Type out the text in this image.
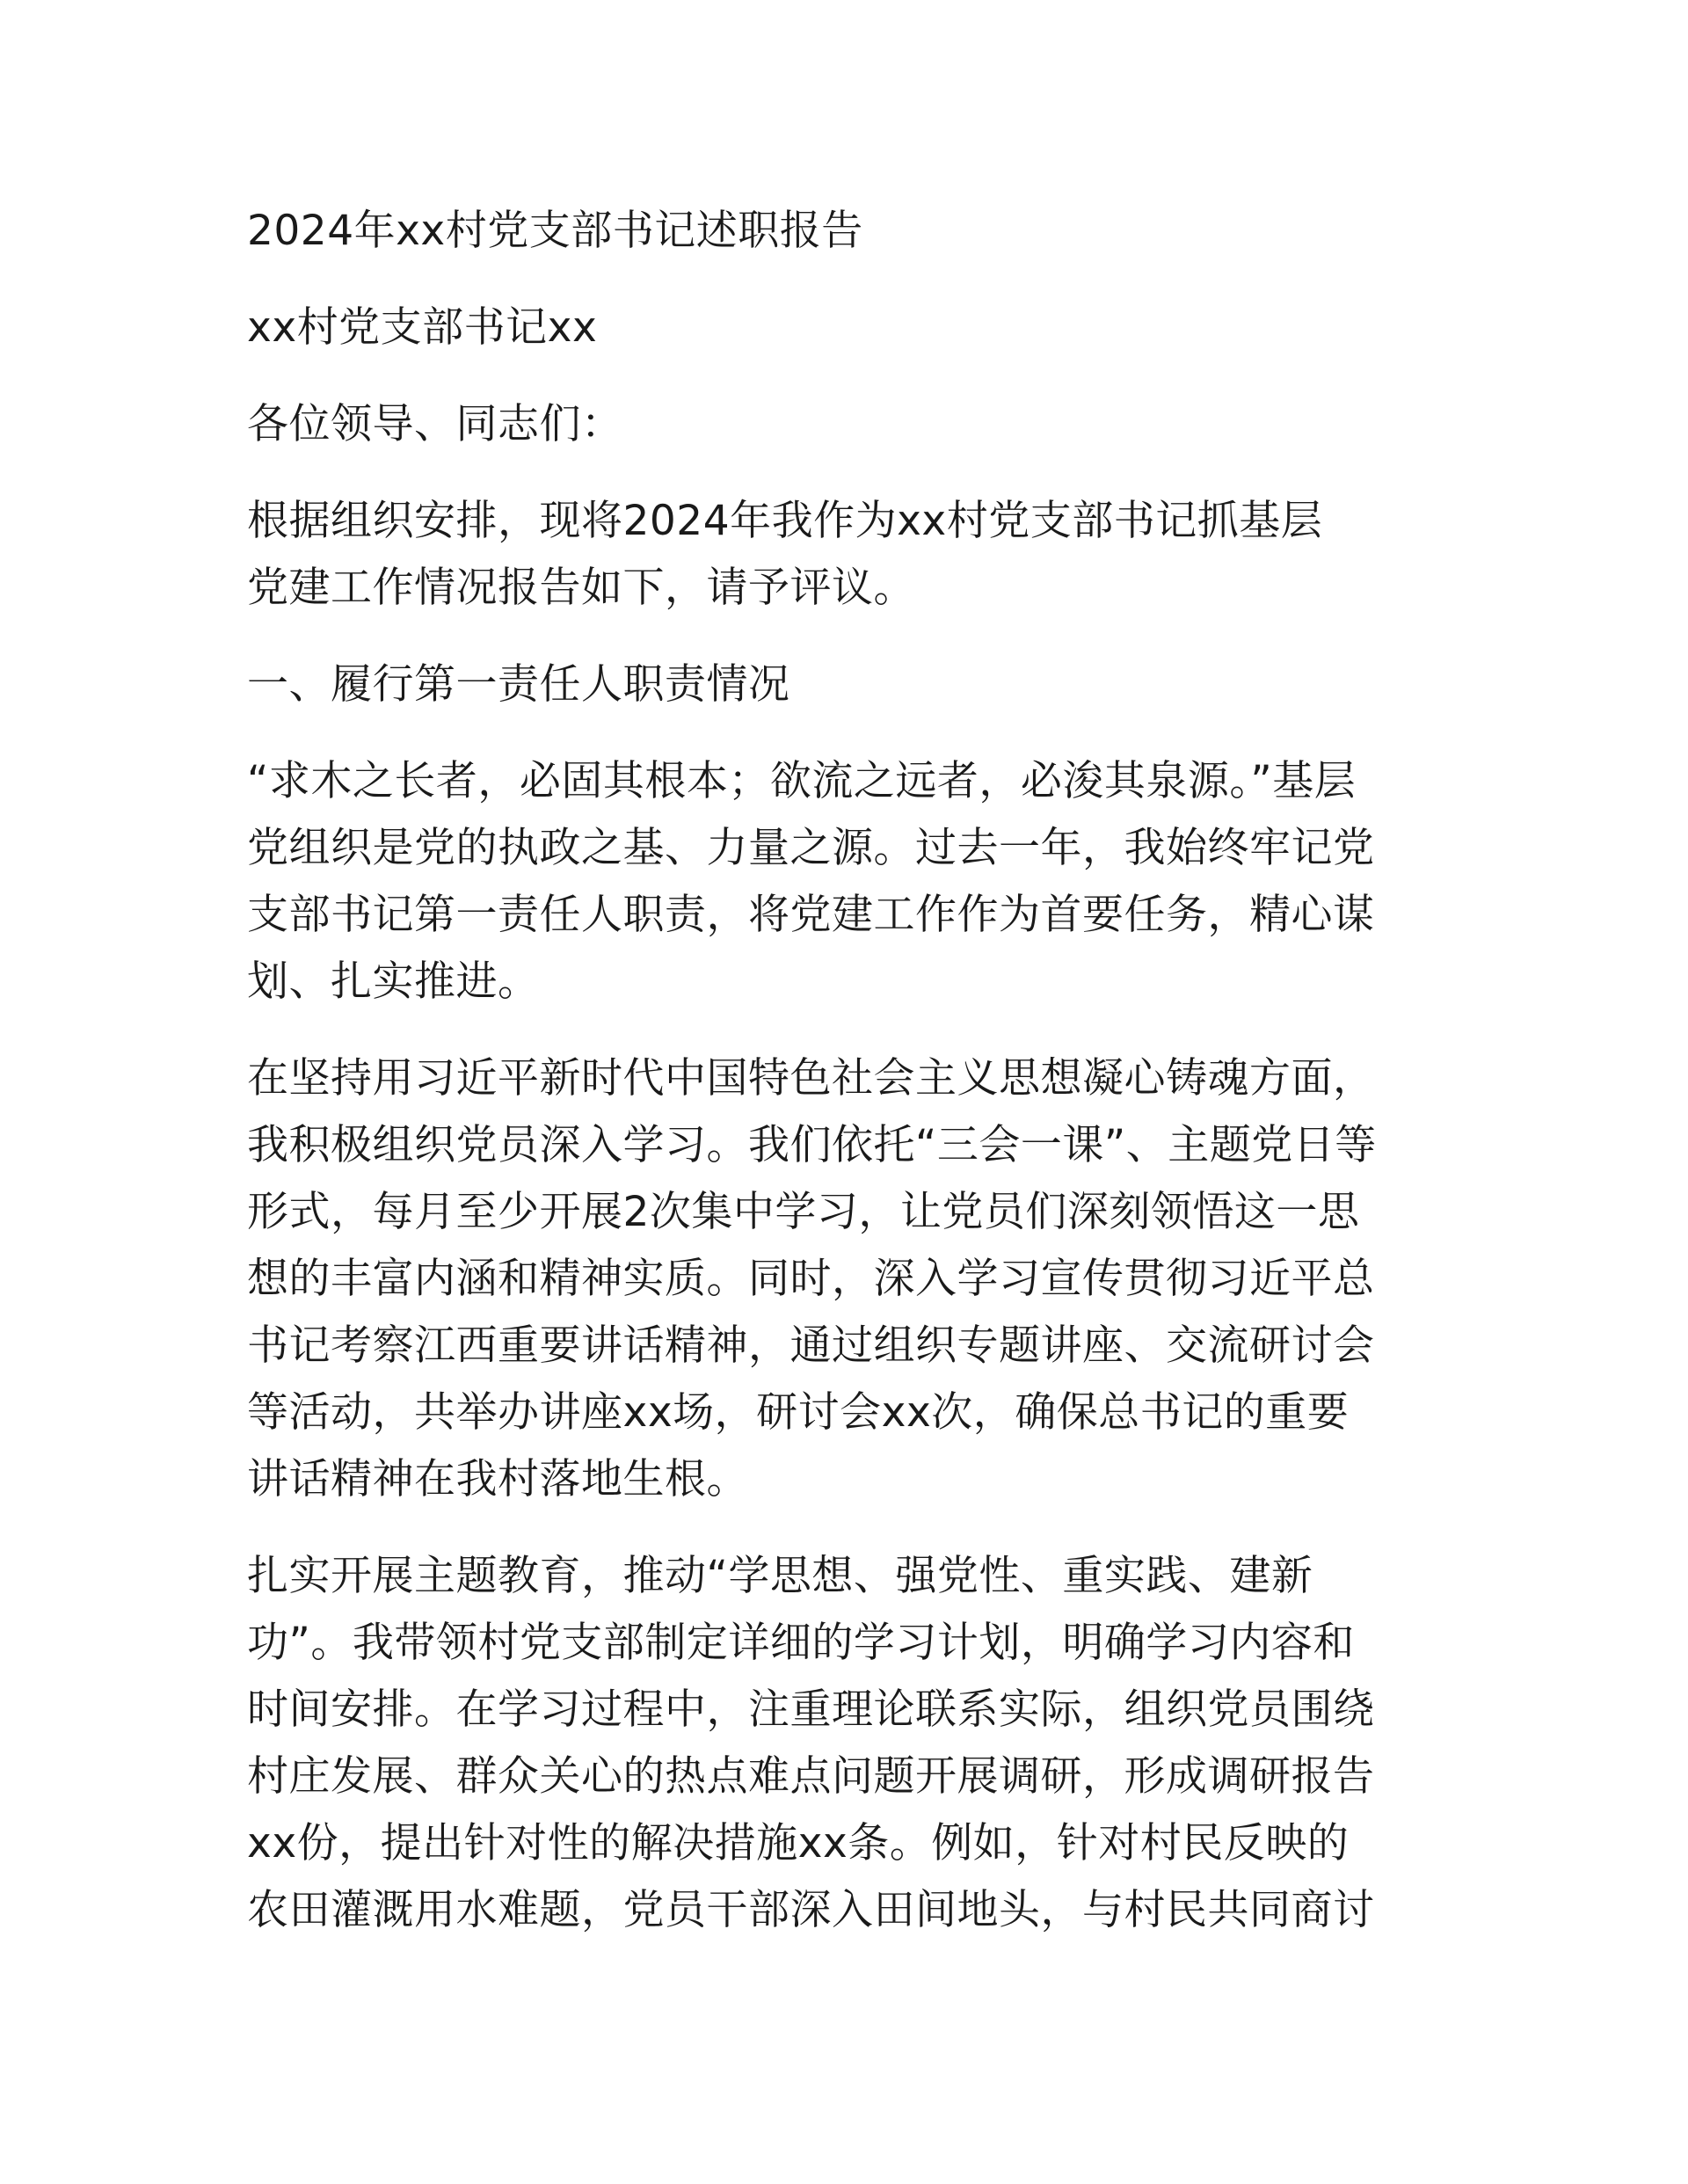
2024年xx村党支部书记述职报告

xx村党支部书记xx

各位领导、同志们：

根据组织安排，现将2024年我作为xx村党支部书记抓基层
党建工作情况报告如下，请予评议。

一、履行第一责任人职责情况

“求木之长者，必固其根本；欲流之远者，必浚其泉源。”基层
党组织是党的执政之基、力量之源。过去一年，我始终牢记党
支部书记第一责任人职责，将党建工作作为首要任务，精心谋
划、扎实推进。

在坚持用习近平新时代中国特色社会主义思想凝心铸魂方面，
我积极组织党员深入学习。我们依托“三会一课”、主题党日等
形式，每月至少开展2次集中学习，让党员们深刻领悟这一思
想的丰富内涵和精神实质。同时，深入学习宣传贯彻习近平总
书记考察江西重要讲话精神，通过组织专题讲座、交流研讨会
等活动，共举办讲座xx场，研讨会xx次，确保总书记的重要
讲话精神在我村落地生根。

扎实开展主题教育，推动“学思想、强党性、重实践、建新
功”。我带领村党支部制定详细的学习计划，明确学习内容和
时间安排。在学习过程中，注重理论联系实际，组织党员围绕
村庄发展、群众关心的热点难点问题开展调研，形成调研报告
xx份，提出针对性的解决措施xx条。例如，针对村民反映的
农田灌溉用水难题，党员干部深入田间地头，与村民共同商讨
